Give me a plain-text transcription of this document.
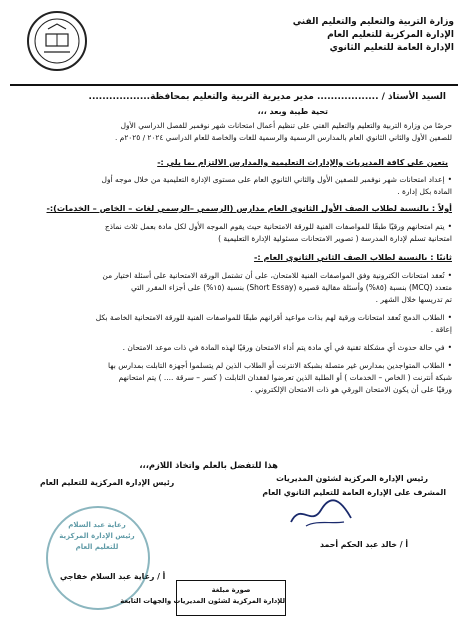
وزارة التربية والتعليم والتعليم الفني
الإدارة المركزية للتعليم العام
الإدارة العامة للتعليم الثانوي
السيد الأستاذ / .................. مدير مديرية التربية والتعليم بمحافظة..................
تحية طيبة وبعد ،،،
حرصًا من وزارة التربية والتعليم والتعليم الفني على تنظيم أعمال امتحانات شهر نوفمبر للفصل الدراسي الأول
للصفين الأول والثاني الثانوي العام بالمدارس الرسمية والرسمية للغات والخاصة للعام الدراسي ٢٠٢٤ / ٢٠٢٥م .
يتعين على كافة المديريات والإدارات التعليمية والمدارس الالتزام بما يلي :-
•إعداد امتحانات شهر نوفمبر للصفين الأول والثاني الثانوي العام على مستوى الإدارة التعليمية من خلال موجه أول
المادة بكل إدارة .
أولاً : بالنسبة لطلاب الصف الأول الثانوي العام مدارس (الرسمي –الرسمي لغات – الخاص – الخدمات):-
•يتم امتحانهم ورقيًا طبقًا للمواصفات الفنية للورقة الامتحانية حيث يقوم الموجه الأول لكل مادة بعمل ثلاث نماذج
امتحانية تسلم لإدارة المدرسة ( تصوير الامتحانات مسئولية الإدارة التعليمية )
ثانيًا : بالنسبة لطلاب الصف الثاني الثانوي العام :-
•تُعقد امتحانات الكترونية وفق المواصفات الفنية للامتحان، على أن تشتمل الورقة الامتحانية على أسئلة اختيار من
متعدد (MCQ) بنسبة (٨٥%) وأسئلة مقالية قصيرة (Short Essay) بنسبة (١٥%) على أجزاء المقرر التي
تم تدريسها خلال الشهر .
•الطلاب الدمج تُعقد امتحانات ورقية لهم بذات مواعيد أقرانهم طبقًا للمواصفات الفنية للورقة الامتحانية الخاصة بكل
إعاقة .
•في حالة حدوث أي مشكلة تقنية في أي مادة يتم أداء الامتحان ورقيًا لهذه المادة في ذات موعد الامتحان .
•الطلاب المتواجدين بمدارس غير متصلة بشبكة الانترنت أو الطلاب الذين لم يتسلموا أجهزة التابلت بمدارس بها
شبكة أنترنت ( الخاص – الخدمات ) أو الطلبة الذين تعرضوا لفقدان التابلت ( كسر – سرقة .... ) يتم امتحانهم
ورقيًا على أن يكون الامتحان الورقي هو ذات الامتحان الإلكتروني .
هذا للتفضل بالعلم واتخاذ اللازم،،،
رئيس الإدارة المركزية لشئون المديريات
المشرف على الإدارة العامة للتعليم الثانوي العام
أ / خالد عبد الحكم أحمد
رئيس الإدارة المركزية للتعليم العام
أ / رعاية عبد السلام خفاجي
رعاية عبد السلام
رئيس الإدارة المركزية
للتعليم العام
صورة مبلغة
للإدارة المركزية لشئون المديريات والجهات التابعة
